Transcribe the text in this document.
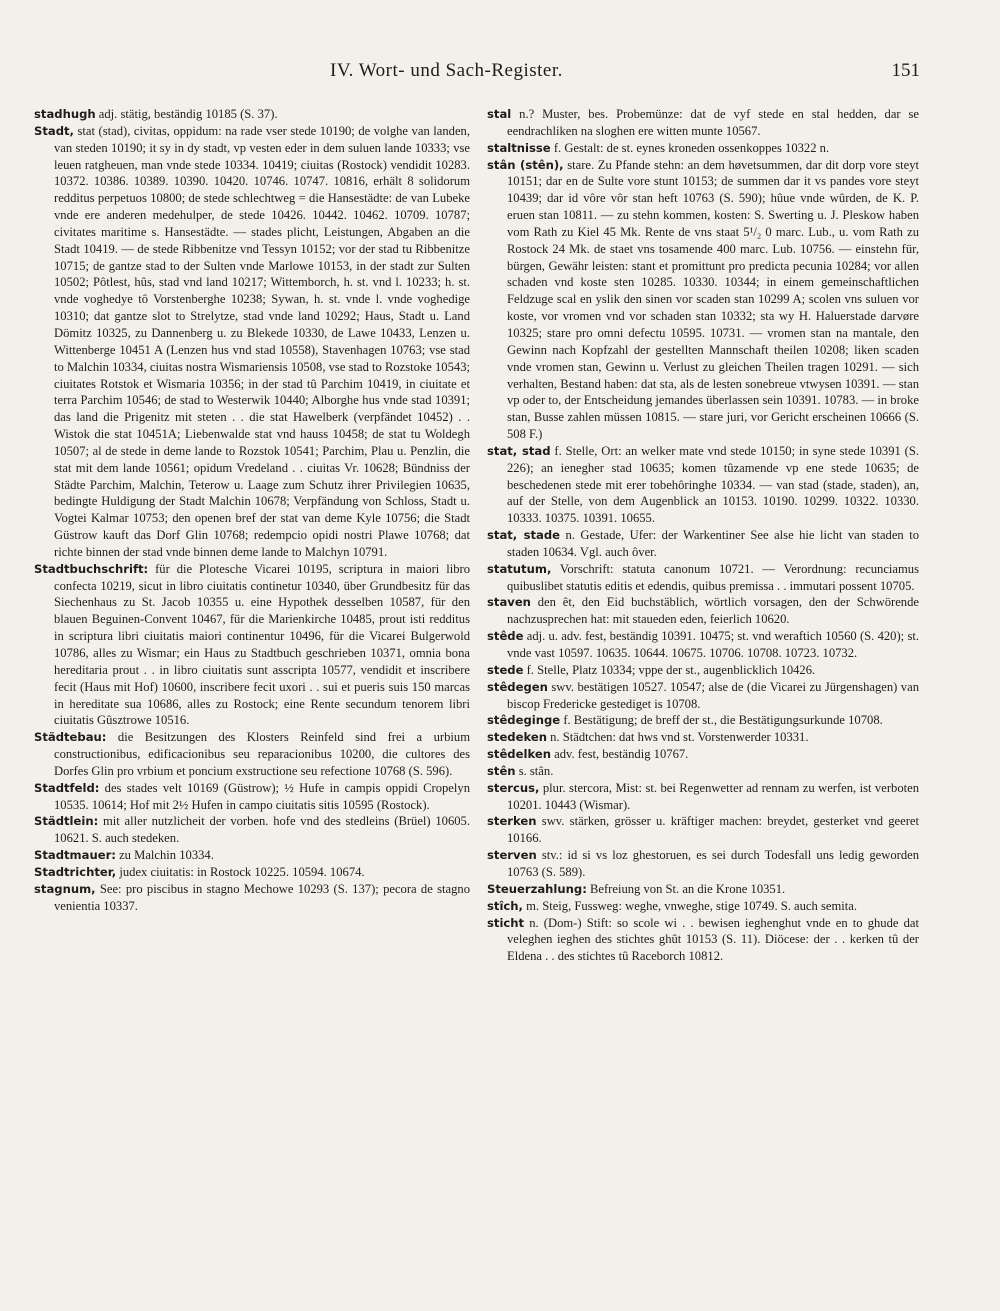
IV. Wort- und Sach-Register.	151

stadhugh adj. stätig, beständig 10185 (S. 37).

Stadt, stat (stad), civitas, oppidum: na rade vser stede 10190; de volghe van landen, van steden 10190; it sy in dy stadt, vp vesten eder in dem suluen lande 10333; vse leuen ratgheuen, man vnde stede 10334. 10419; ciuitas (Rostock) vendidit 10283. 10372. 10386. 10389. 10390. 10420. 10746. 10747. 10816, erhält 8 solidorum redditus perpetuos 10800; de stede schlechtweg = die Hansestädte: de van Lubeke vnde ere anderen medehulper, de stede 10426. 10442. 10462. 10709. 10787; civitates maritime s. Hansestädte. — stades plicht, Leistungen, Abgaben an die Stadt 10419. — de stede Ribbenitze vnd Tessyn 10152; vor der stad tu Ribbenitze 10715; de gantze stad to der Sulten vnde Marlowe 10153, in der stadt zur Sulten 10502; Pôtlest, hûs, stad vnd land 10217; Wittemborch, h. st. vnd l. 10233; h. st. vnde voghedye tô Vorstenberghe 10238; Sywan, h. st. vnde l. vnde voghedige 10310; dat gantze slot to Strelytze, stad vnde land 10292; Haus, Stadt u. Land Dömitz 10325, zu Dannenberg u. zu Blekede 10330, de Lawe 10433, Lenzen u. Wittenberge 10451 A (Lenzen hus vnd stad 10558), Stavenhagen 10763; vse stad to Malchin 10334, ciuitas nostra Wismariensis 10508, vse stad to Rozstoke 10543; ciuitates Rotstok et Wismaria 10356; in der stad tû Parchim 10419, in ciuitate et terra Parchim 10546; de stad to Westerwik 10440; Alborghe hus vnde stad 10391; das land die Prigenitz mit steten . . die stat Hawelberk (verpfändet 10452) . . Wistok die stat 10451A; Liebenwalde stat vnd hauss 10458; de stat tu Woldegh 10507; al de stede in deme lande to Rozstok 10541; Parchim, Plau u. Penzlin, die stat mit dem lande 10561; opidum Vredeland . . ciuitas Vr. 10628; Bündniss der Städte Parchim, Malchin, Teterow u. Laage zum Schutz ihrer Privilegien 10635, bedingte Huldigung der Stadt Malchin 10678; Verpfändung von Schloss, Stadt u. Vogtei Kalmar 10753; den openen bref der stat van deme Kyle 10756; die Stadt Güstrow kauft das Dorf Glin 10768; redempcio opidi nostri Plawe 10768; dat richte binnen der stad vnde binnen deme lande to Malchyn 10791.

Stadtbuchschrift: für die Plotesche Vicarei 10195, scriptura in maiori libro confecta 10219, sicut in libro ciuitatis continetur 10340, über Grundbesitz für das Siechenhaus zu St. Jacob 10355 u. eine Hypothek desselben 10587, für den blauen Beguinen-Convent 10467, für die Marienkirche 10485, prout isti redditus in scriptura libri ciuitatis maiori continentur 10496, für die Vicarei Bulgerwold 10786, alles zu Wismar; ein Haus zu Stadtbuch geschrieben 10371, omnia bona hereditaria prout . . in libro ciuitatis sunt asscripta 10577, vendidit et inscribere fecit (Haus mit Hof) 10600, inscribere fecit uxori . . sui et pueris suis 150 marcas in hereditate sua 10686, alles zu Rostock; eine Rente secundum tenorem libri ciuitatis Gûsztrowe 10516.

Städtebau: die Besitzungen des Klosters Reinfeld sind frei a urbium constructionibus, edificacionibus seu reparacionibus 10200, die cultores des Dorfes Glin pro vrbium et poncium exstructione seu refectione 10768 (S. 596).

Stadtfeld: des stades velt 10169 (Güstrow); ½ Hufe in campis oppidi Cropelyn 10535. 10614; Hof mit 2½ Hufen in campo ciuitatis sitis 10595 (Rostock).

Städtlein: mit aller nutzlicheit der vorben. hofe vnd des stedleins (Brüel) 10605. 10621. S. auch stedeken.

Stadtmauer: zu Malchin 10334.

Stadtrichter, judex ciuitatis: in Rostock 10225. 10594. 10674.

stagnum, See: pro piscibus in stagno Mechowe 10293 (S. 137); pecora de stagno venientia 10337.

stal n.? Muster, bes. Probemünze: dat de vyf stede en stal hedden, dar se eendrachliken na sloghen ere witten munte 10567.

staltnisse f. Gestalt: de st. eynes kroneden ossenkoppes 10322 n.

stân (stên), stare. Zu Pfande stehn: an dem høvetsummen, dar dit dorp vore steyt 10151; dar en de Sulte vore stunt 10153; de summen dar it vs pandes vore steyt 10439; dar id vôre vôr stan heft 10763 (S. 590); hûue vnde wûrden, de K. P. eruen stan 10811. — zu stehn kommen, kosten: S. Swerting u. J. Pleskow haben vom Rath zu Kiel 45 Mk. Rente de vns staat 5¹/₂ 0 marc. Lub., u. vom Rath zu Rostock 24 Mk. de staet vns tosamende 400 marc. Lub. 10756. — einstehn für, bürgen, Gewähr leisten: stant et promittunt pro predicta pecunia 10284; vor allen schaden vnd koste sten 10285. 10330. 10344; in einem gemeinschaftlichen Feldzuge scal en yslik den sinen vor scaden stan 10299 A; scolen vns suluen vor koste, vor vromen vnd vor schaden stan 10332; sta wy H. Haluerstade darvøre 10325; stare pro omni defectu 10595. 10731. — vromen stan na mantale, den Gewinn nach Kopfzahl der gestellten Mannschaft theilen 10208; liken scaden vnde vromen stan, Gewinn u. Verlust zu gleichen Theilen tragen 10291. — sich verhalten, Bestand haben: dat sta, als de lesten sonebreue vtwysen 10391. — stan vp oder to, der Entscheidung jemandes überlassen sein 10391. 10783. — in broke stan, Busse zahlen müssen 10815. — stare juri, vor Gericht erscheinen 10666 (S. 508 F.)

stat, stad f. Stelle, Ort: an welker mate vnd stede 10150; in syne stede 10391 (S. 226); an ienegher stad 10635; komen tûzamende vp ene stede 10635; de beschedenen stede mit erer tobehôringhe 10334. — van stad (stade, staden), an, auf der Stelle, von dem Augenblick an 10153. 10190. 10299. 10322. 10330. 10333. 10375. 10391. 10655.

stat, stade n. Gestade, Ufer: der Warkentiner See alse hie licht van staden to staden 10634. Vgl. auch ôver.

statutum, Vorschrift: statuta canonum 10721. — Verordnung: recunciamus quibuslibet statutis editis et edendis, quibus premissa . . immutari possent 10705.

staven den êt, den Eid buchstäblich, wörtlich vorsagen, den der Schwörende nachzusprechen hat: mit staueden eden, feierlich 10620.

stêde adj. u. adv. fest, beständig 10391. 10475; st. vnd weraftich 10560 (S. 420); st. vnde vast 10597. 10635. 10644. 10675. 10706. 10708. 10723. 10732.

stede f. Stelle, Platz 10334; vppe der st., augenblicklich 10426.

stêdegen swv. bestätigen 10527. 10547; alse de (die Vicarei zu Jürgenshagen) van biscop Fredericke gestediget is 10708.

stêdeginge f. Bestätigung; de breff der st., die Bestätigungsurkunde 10708.

stedeken n. Städtchen: dat hws vnd st. Vorstenwerder 10331.

stêdelken adv. fest, beständig 10767.

stên s. stân.

stercus, plur. stercora, Mist: st. bei Regenwetter ad rennam zu werfen, ist verboten 10201. 10443 (Wismar).

sterken swv. stärken, grösser u. kräftiger machen: breydet, gesterket vnd geeret 10166.

sterven stv.: id si vs loz ghestoruen, es sei durch Todesfall uns ledig geworden 10763 (S. 589).

Steuerzahlung: Befreiung von St. an die Krone 10351.

stîch, m. Steig, Fussweg: weghe, vnweghe, stige 10749. S. auch semita.

sticht n. (Dom-) Stift: so scole wi . . bewisen ieghenghut vnde en to ghude dat veleghen ieghen des stichtes ghût 10153 (S. 11). Diöcese: der . . kerken tû der Eldena . . des stichtes tû Raceborch 10812.
